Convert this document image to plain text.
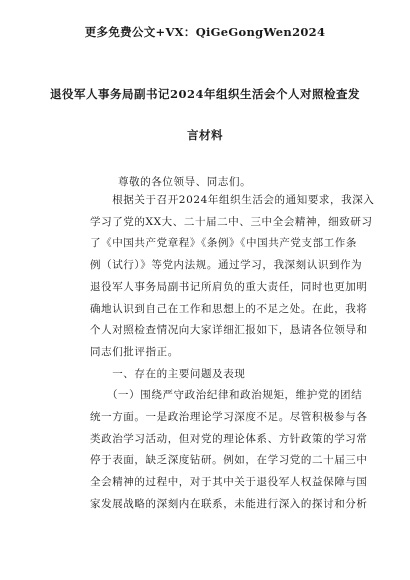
更多免费公文+VX：QiGeGongWen2024
退役军人事务局副书记2024年组织生活会个人对照检查发
言材料
尊敬的各位领导、同志们。
　　根据关于召开2024年组织生活会的通知要求，我深入
学习了党的XX大、二十届二中、三中全会精神，细致研习
了《中国共产党章程》《条例》《中国共产党支部工作条
例（试行）》等党内法规。通过学习，我深刻认识到作为
退役军人事务局副书记所肩负的重大责任，同时也更加明
确地认识到自己在工作和思想上的不足之处。在此，我将
个人对照检查情况向大家详细汇报如下，恳请各位领导和
同志们批评指正。
　　一、存在的主要问题及表现
　　（一）围绕严守政治纪律和政治规矩，维护党的团结
统一方面。一是政治理论学习深度不足。尽管积极参与各
类政治学习活动，但对党的理论体系、方针政策的学习常
停于表面，缺乏深度钻研。例如，在学习党的二十届三中
全会精神的过程中，对于其中关于退役军人权益保障与国
家发展战略的深刻内在联系，未能进行深入的探讨和分析
